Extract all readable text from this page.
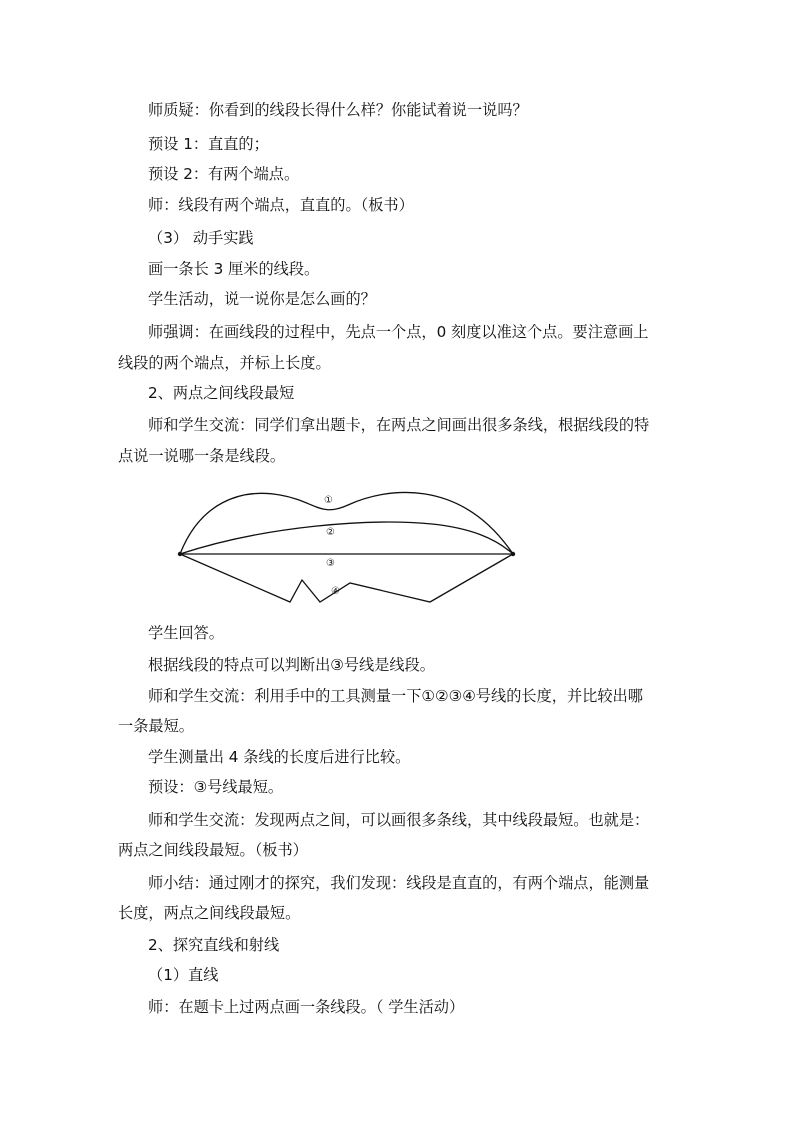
师质疑：你看到的线段长得什么样？你能试着说一说吗？
预设 1：直直的；
预设 2：有两个端点。
师：线段有两个端点，直直的。（板书）
（3） 动手实践
画一条长 3 厘米的线段。
学生活动，说一说你是怎么画的？
师强调：在画线段的过程中，先点一个点，0 刻度以准这个点。要注意画上
线段的两个端点，并标上长度。
2、两点之间线段最短
师和学生交流：同学们拿出题卡，在两点之间画出很多条线，根据线段的特
点说一说哪一条是线段。
①
②
③
④
学生回答。
根据线段的特点可以判断出③号线是线段。
师和学生交流：利用手中的工具测量一下①②③④号线的长度，并比较出哪
一条最短。
学生测量出 4 条线的长度后进行比较。
预设：③号线最短。
师和学生交流：发现两点之间，可以画很多条线，其中线段最短。也就是：
两点之间线段最短。（板书）
师小结：通过刚才的探究，我们发现：线段是直直的，有两个端点，能测量
长度，两点之间线段最短。
2、探究直线和射线
（1）直线
师：在题卡上过两点画一条线段。（ 学生活动）
